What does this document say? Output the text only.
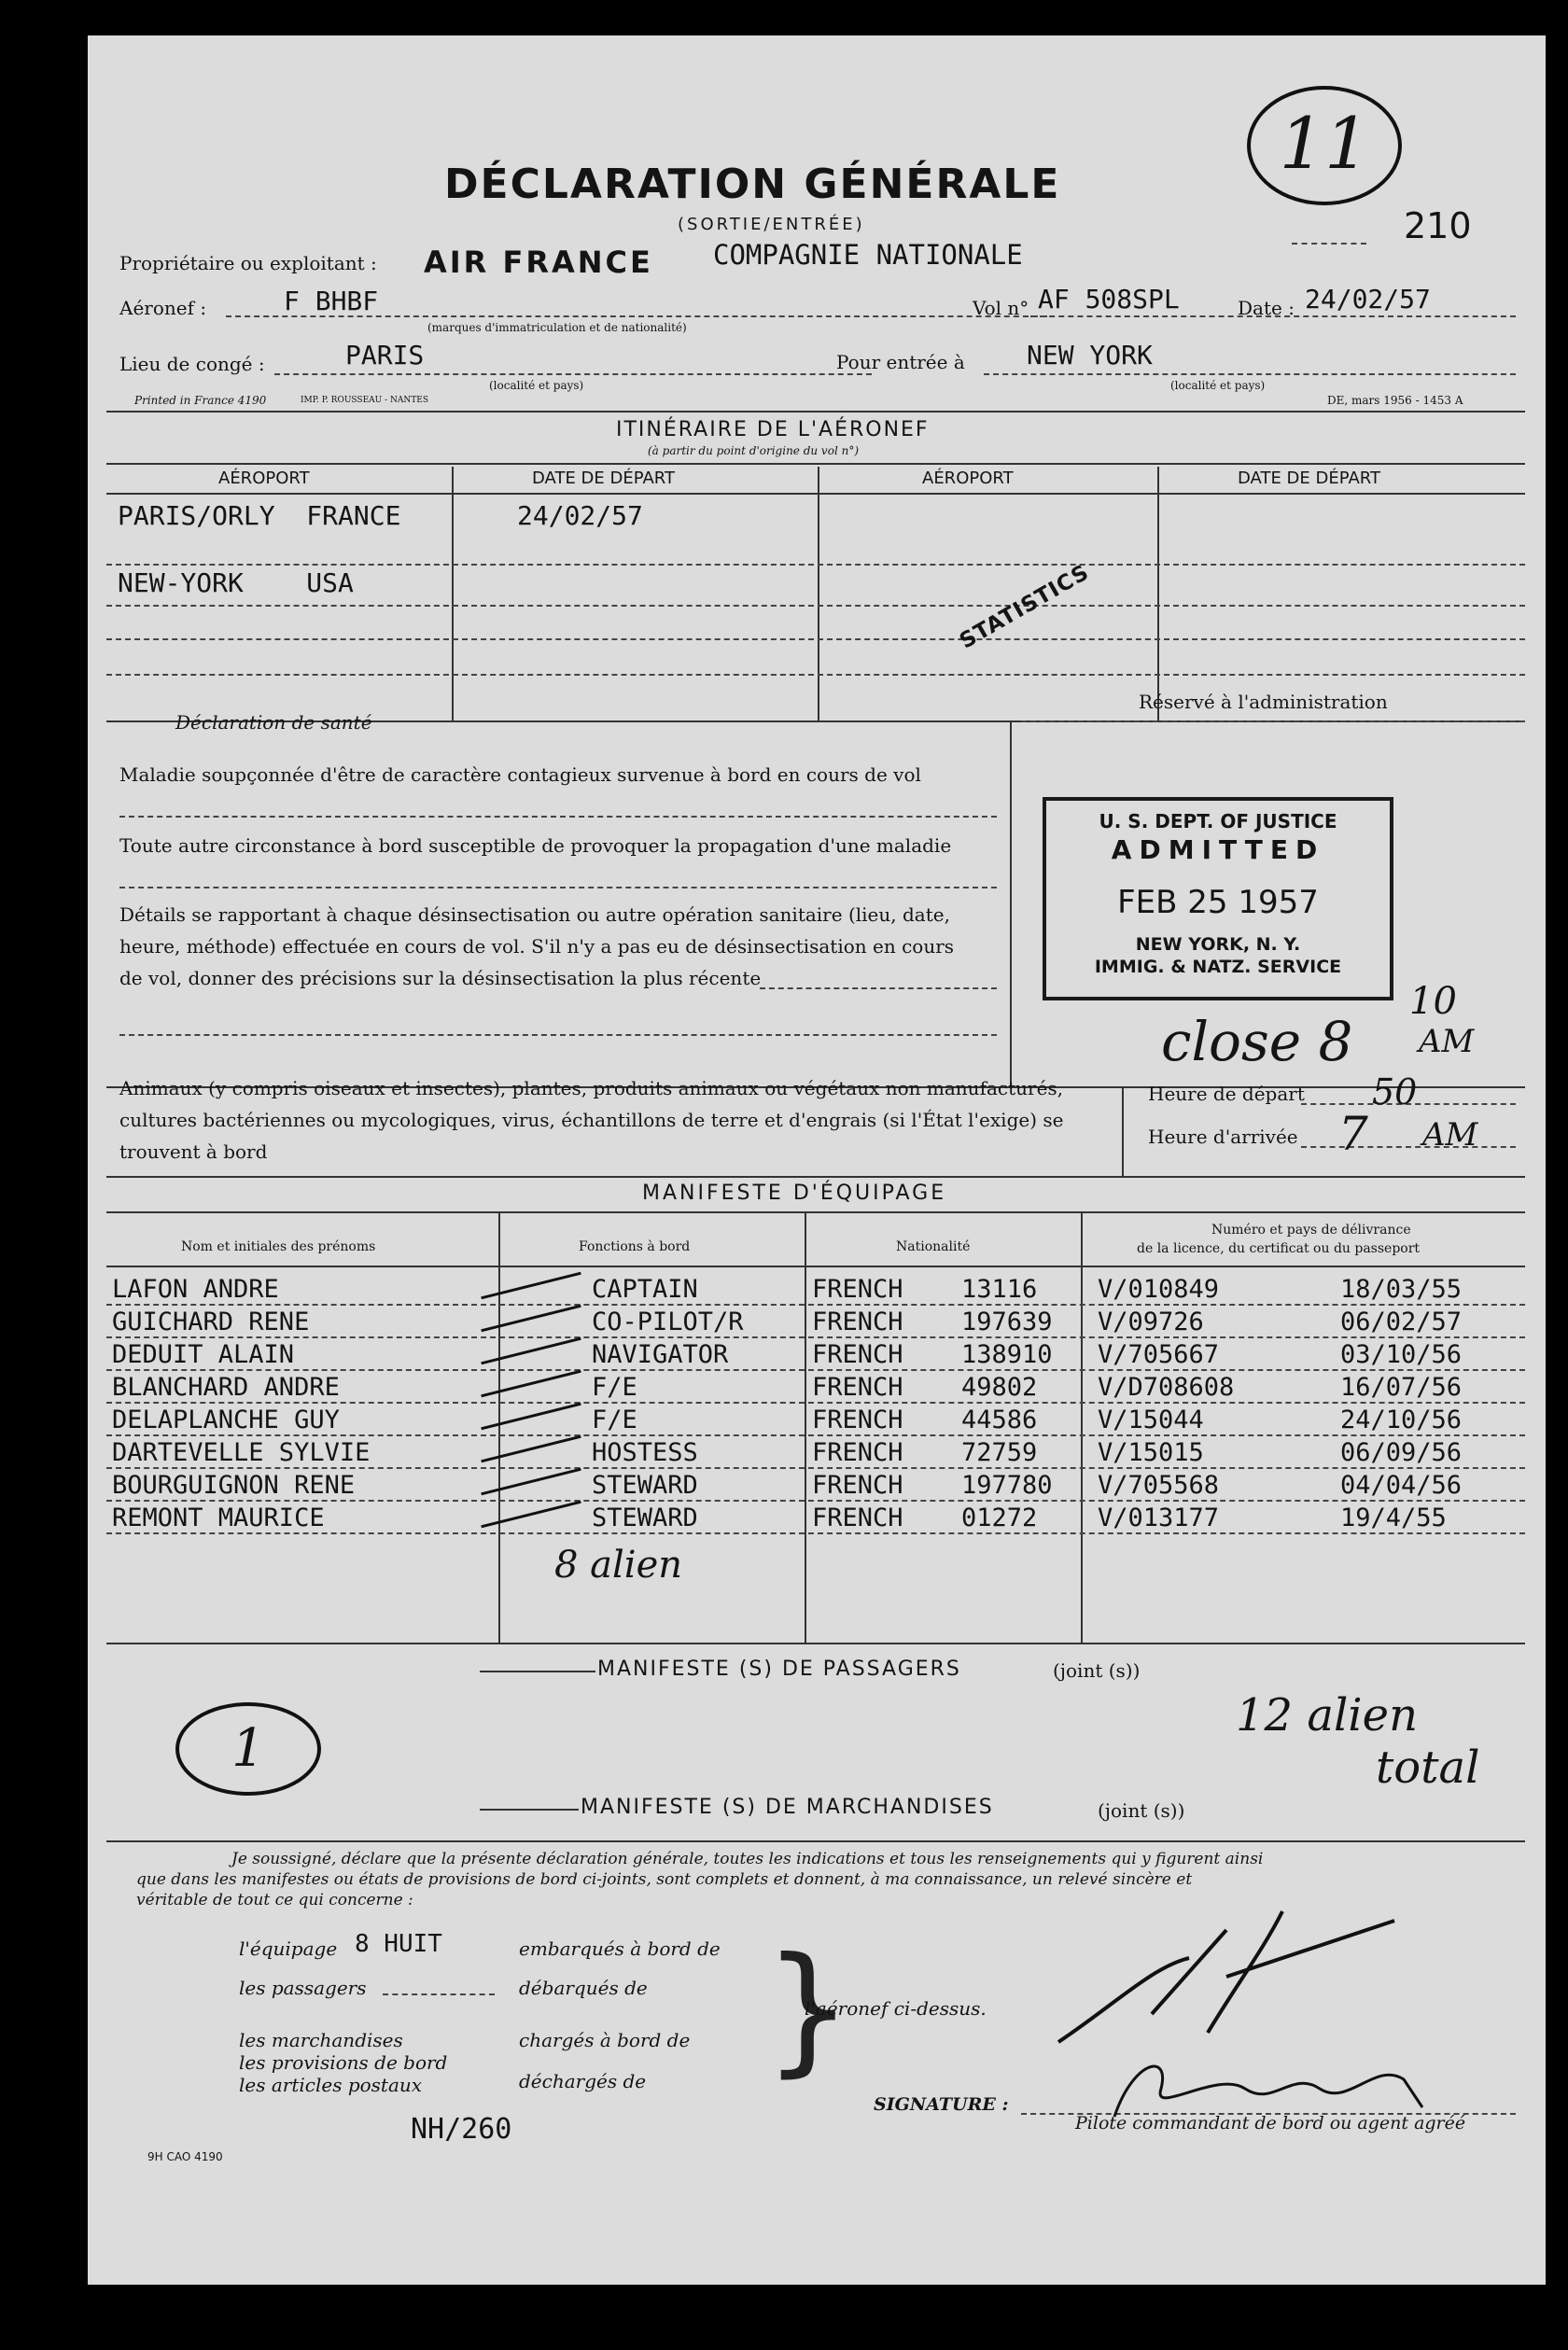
11
210
DÉCLARATION GÉNÉRALE
(SORTIE/ENTRÉE)
Propriétaire ou exploitant : AIR FRANCE COMPAGNIE NATIONALE
Aéronef :	F BHBF
(marques d'immatriculation et de nationalité)
Vol n° AF 508SPL	Date : 24/02/57
Lieu de congé :	PARIS
(localité et pays)
Pour entrée à NEW YORK
(localité et pays)
Printed in France 4190	IMP. P. ROUSSEAU - NANTES	DE, mars 1956 - 1453 A
ITINÉRAIRE DE L'AÉRONEF
(à partir du point d'origine du vol n°)
AÉROPORT	DATE DE DÉPART	AÉROPORT	DATE DE DÉPART
PARIS/ORLY  FRANCE	24/02/57
NEW-YORK    USA	STATISTICS
Déclaration de santé
Maladie soupçonnée d'être de caractère contagieux survenue à bord en cours de vol
Toute autre circonstance à bord susceptible de provoquer la propagation d'une maladie
Détails se rapportant à chaque désinsectisation ou autre opération sanitaire (lieu, date,
heure, méthode) effectuée en cours de vol. S'il n'y a pas eu de désinsectisation en cours
de vol, donner des précisions sur la désinsectisation la plus récente
Réservé à l'administration
U. S. DEPT. OF JUSTICE
ADMITTED
FEB 25 1957
NEW YORK, N. Y.
IMMIG. & NATZ. SERVICE
close 8
10
AM
Animaux (y compris oiseaux et insectes), plantes, produits animaux ou végétaux non manufacturés,
cultures bactériennes ou mycologiques, virus, échantillons de terre et d'engrais (si l'État l'exige) se
trouvent à bord
Heure de départ
Heure d'arrivée 7
50
AM
MANIFESTE D'ÉQUIPAGE
Nom et initiales des prénoms	Fonctions à bord	Nationalité
Numéro et pays de délivrance
de la licence, du certificat ou du passeport
LAFON ANDRE	CAPTAIN	FRENCH 13116 V/010849	18/03/55
GUICHARD RENE	CO-PILOT/R	FRENCH 197639 V/09726	06/02/57
DEDUIT ALAIN	NAVIGATOR	FRENCH 138910 V/705667	03/10/56
BLANCHARD ANDRE	F/E	FRENCH 49802 V/D708608	16/07/56
DELAPLANCHE GUY	F/E	FRENCH 44586 V/15044	24/10/56
DARTEVELLE SYLVIE	HOSTESS	FRENCH 72759 V/15015	06/09/56
BOURGUIGNON RENE	STEWARD	FRENCH 197780 V/705568	04/04/56
REMONT MAURICE	STEWARD	FRENCH 01272 V/013177	19/4/55
8 alien
MANIFESTE (S) DE PASSAGERS	(joint (s))
1
12 alien
total
MANIFESTE (S) DE MARCHANDISES	(joint (s))
Je soussigné, déclare que la présente déclaration générale, toutes les indications et tous les renseignements qui y figurent ainsi
que dans les manifestes ou états de provisions de bord ci-joints, sont complets et donnent, à ma connaissance, un relevé sincère et
véritable de tout ce qui concerne :
l'équipage 8 HUIT
les passagers
les marchandises
les provisions de bord
les articles postaux
embarqués à bord de
débarqués de
chargés à bord de
déchargés de }
l'aéronef ci-dessus.
SIGNATURE :
Pilote commandant de bord ou agent agréé
NH/260
9H CAO 4190
